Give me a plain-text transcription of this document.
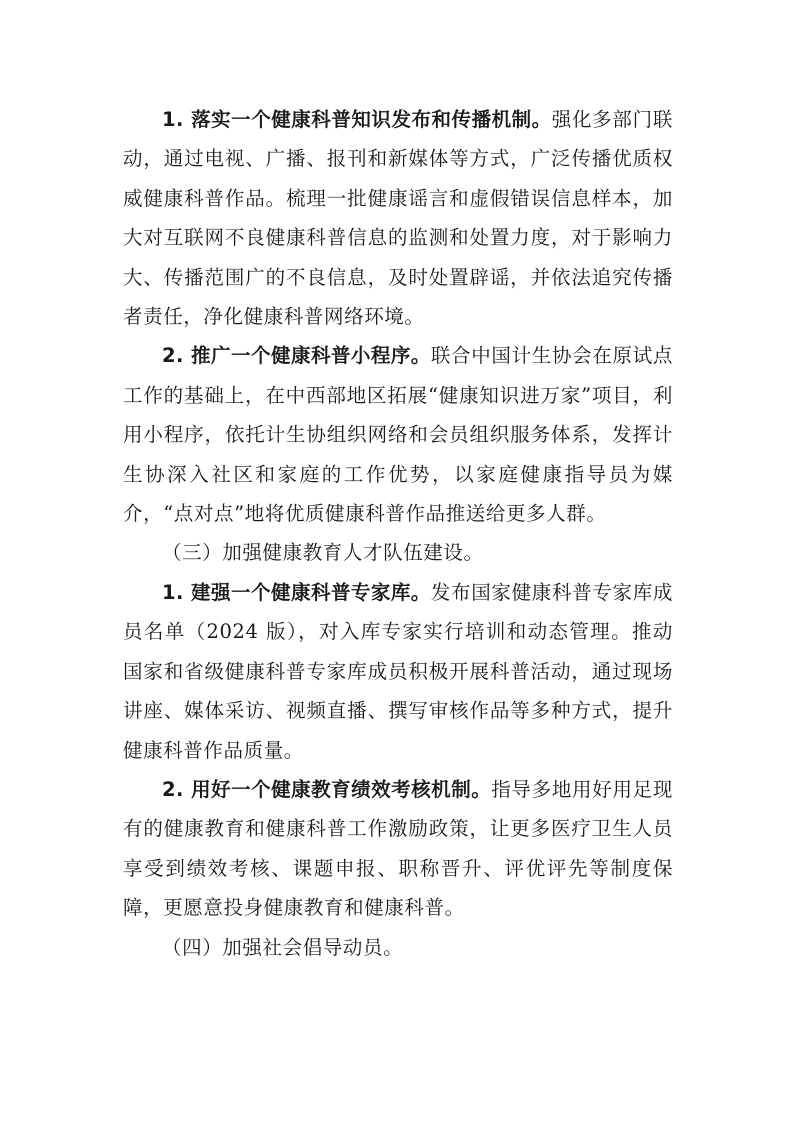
1. 落实一个健康科普知识发布和传播机制。强化多部门联动，通过电视、广播、报刊和新媒体等方式，广泛传播优质权威健康科普作品。梳理一批健康谣言和虚假错误信息样本，加大对互联网不良健康科普信息的监测和处置力度，对于影响力大、传播范围广的不良信息，及时处置辟谣，并依法追究传播者责任，净化健康科普网络环境。

2. 推广一个健康科普小程序。联合中国计生协会在原试点工作的基础上，在中西部地区拓展“健康知识进万家”项目，利用小程序，依托计生协组织网络和会员组织服务体系，发挥计生协深入社区和家庭的工作优势，以家庭健康指导员为媒介，“点对点”地将优质健康科普作品推送给更多人群。

（三）加强健康教育人才队伍建设。

1. 建强一个健康科普专家库。发布国家健康科普专家库成员名单（2024 版），对入库专家实行培训和动态管理。推动国家和省级健康科普专家库成员积极开展科普活动，通过现场讲座、媒体采访、视频直播、撰写审核作品等多种方式，提升健康科普作品质量。

2. 用好一个健康教育绩效考核机制。指导多地用好用足现有的健康教育和健康科普工作激励政策，让更多医疗卫生人员享受到绩效考核、课题申报、职称晋升、评优评先等制度保障，更愿意投身健康教育和健康科普。

（四）加强社会倡导动员。
